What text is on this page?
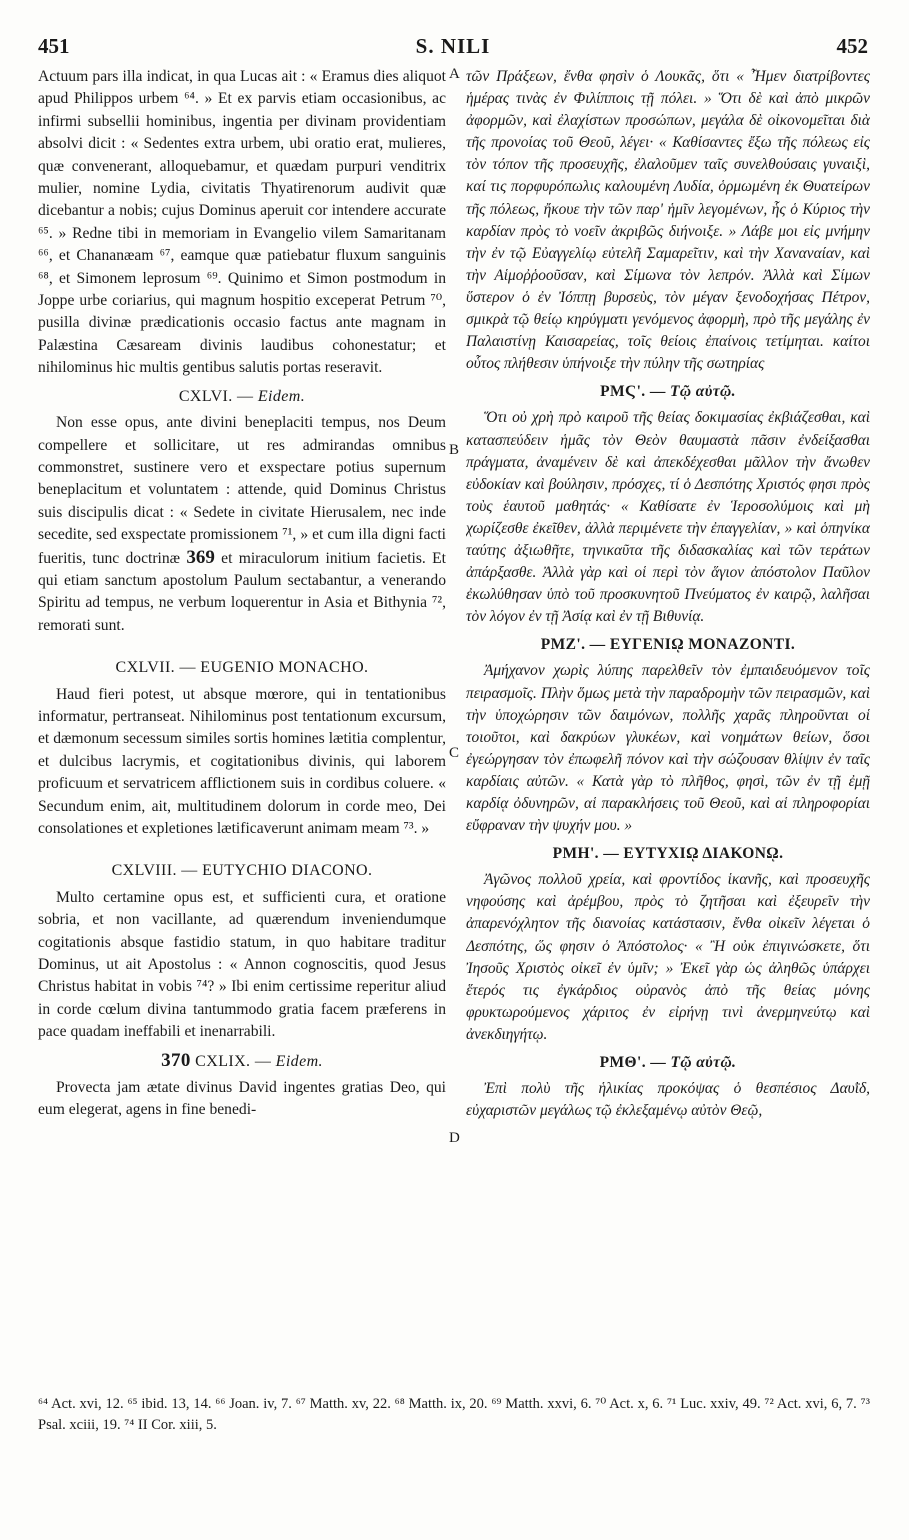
451	S. NILI	452
A
B
C
D

Actuum pars illa indicat, in qua Lucas ait : « Eramus dies aliquot apud Philippos urbem ⁶⁴. » Et ex parvis etiam occasionibus, ac infirmi subsellii hominibus, ingentia per divinam providentiam absolvi dicit : « Sedentes extra urbem, ubi oratio erat, mulieres, quæ convenerant, alloquebamur, et quædam purpuri venditrix mulier, nomine Lydia, civitatis Thyatirenorum audivit quæ dicebantur a nobis; cujus Dominus aperuit cor intendere accurate ⁶⁵. » Redne tibi in memoriam in Evangelio vilem Samaritanam ⁶⁶, et Chananæam ⁶⁷, eamque quæ patiebatur fluxum sanguinis ⁶⁸, et Simonem leprosum ⁶⁹. Quinimo et Simon postmodum in Joppe urbe coriarius, qui magnum hospitio exceperat Petrum ⁷⁰, pusilla divinæ prædicationis occasio factus ante magnam in Palæstina Cæsaream divinis laudibus cohonestatur; et nihilominus hic multis gentibus salutis portas reseravit.

CXLVI. — Eidem.

Non esse opus, ante divini beneplaciti tempus, nos Deum compellere et sollicitare, ut res admirandas omnibus commonstret, sustinere vero et exspectare potius supernum beneplacitum et voluntatem : attende, quid Dominus Christus suis discipulis dicat : « Sedete in civitate Hierusalem, nec inde secedite, sed exspectate promissionem ⁷¹, » et cum illa digni facti fueritis, tunc doctrinæ 369 et miraculorum initium facietis. Et qui etiam sanctum apostolum Paulum sectabantur, a venerando Spiritu ad tempus, ne verbum loquerentur in Asia et Bithynia ⁷², remorati sunt.

CXLVII. — EUGENIO MONACHO.

Haud fieri potest, ut absque mœrore, qui in tentationibus informatur, pertranseat. Nihilominus post tentationum excursum, et dæmonum secessum similes sortis homines lætitia complentur, et dulcibus lacrymis, et cogitationibus divinis, qui laborem proficuum et servatricem afflictionem suis in cordibus coluere. « Secundum enim, ait, multitudinem dolorum in corde meo, Dei consolationes et expletiones lætificaverunt animam meam ⁷³. »

CXLVIII. — EUTYCHIO DIACONO.

Multo certamine opus est, et sufficienti cura, et oratione sobria, et non vacillante, ad quærendum inveniendumque cogitationis absque fastidio statum, in quo habitare traditur Dominus, ut ait Apostolus : « Annon cognoscitis, quod Jesus Christus habitat in vobis ⁷⁴? » Ibi enim certissime reperitur aliud in corde cœlum divina tantummodo gratia facem præferens in pace quadam ineffabili et inenarrabili.

370 CXLIX. — Eidem.

Provecta jam ætate divinus David ingentes gratias Deo, qui eum elegerat, agens in fine benedi-

τῶν Πράξεων, ἔνθα φησὶν ὁ Λουκᾶς, ὅτι « Ἦμεν διατρίβοντες ἡμέρας τινὰς ἐν Φιλίπποις τῇ πόλει. » Ὅτι δὲ καὶ ἀπὸ μικρῶν ἀφορμῶν, καὶ ἐλαχίστων προσώπων, μεγάλα δὲ οἰκονομεῖται διὰ τῆς προνοίας τοῦ Θεοῦ, λέγει· « Καθίσαντες ἔξω τῆς πόλεως εἰς τὸν τόπον τῆς προσευχῆς, ἐλαλοῦμεν ταῖς συνελθούσαις γυναιξὶ, καί τις πορφυρόπωλις καλουμένη Λυδία, ὁρμωμένη ἐκ Θυατείρων τῆς πόλεως, ἤκουε τὴν τῶν παρ' ἡμῖν λεγομένων, ἧς ὁ Κύριος τὴν καρδίαν πρὸς τὸ νοεῖν ἀκριβῶς διήνοιξε. » Λάβε μοι εἰς μνήμην τὴν ἐν τῷ Εὐαγγελίῳ εὐτελῆ Σαμαρεῖτιν, καὶ τὴν Χαναναίαν, καὶ τὴν Αἱμοῤῥοοῦσαν, καὶ Σίμωνα τὸν λεπρόν. Ἀλλὰ καὶ Σίμων ὕστερον ὁ ἐν Ἰόππῃ βυρσεὺς, τὸν μέγαν ξενοδοχήσας Πέτρον, σμικρὰ τῷ θείῳ κηρύγματι γενόμενος ἀφορμὴ, πρὸ τῆς μεγάλης ἐν Παλαιστίνῃ Καισαρείας, τοῖς θείοις ἐπαίνοις τετίμηται. καίτοι οὗτος πλήθεσιν ὑπήνοιξε τὴν πύλην τῆς σωτηρίας

ΡΜϚ'. — Τῷ αὐτῷ.

Ὅτι οὐ χρὴ πρὸ καιροῦ τῆς θείας δοκιμασίας ἐκβιάζεσθαι, καὶ κατασπεύδειν ἡμᾶς τὸν Θεὸν θαυμαστὰ πᾶσιν ἐνδείξασθαι πράγματα, ἀναμένειν δὲ καὶ ἀπεκδέχεσθαι μᾶλλον τὴν ἄνωθεν εὐδοκίαν καὶ βούλησιν, πρόσχες, τί ὁ Δεσπότης Χριστός φησι πρὸς τοὺς ἑαυτοῦ μαθητάς· « Καθίσατε ἐν Ἱεροσολύμοις καὶ μὴ χωρίζεσθε ἐκεῖθεν, ἀλλὰ περιμένετε τὴν ἐπαγγελίαν, » καὶ ὁπηνίκα ταύτης ἀξιωθῆτε, τηνικαῦτα τῆς διδασκαλίας καὶ τῶν τεράτων ἀπάρξασθε. Ἀλλὰ γὰρ καὶ οἱ περὶ τὸν ἅγιον ἀπόστολον Παῦλον ἐκωλύθησαν ὑπὸ τοῦ προσκυνητοῦ Πνεύματος ἐν καιρῷ, λαλῆσαι τὸν λόγον ἐν τῇ Ἀσίᾳ καὶ ἐν τῇ Βιθυνίᾳ.

ΡΜΖ'. — ΕΥΓΕΝΙῼ ΜΟΝΑΖΟΝΤΙ.

Ἀμήχανον χωρὶς λύπης παρελθεῖν τὸν ἐμπαιδευόμενον τοῖς πειρασμοῖς. Πλὴν ὅμως μετὰ τὴν παραδρομὴν τῶν πειρασμῶν, καὶ τὴν ὑποχώρησιν τῶν δαιμόνων, πολλῆς χαρᾶς πληροῦνται οἱ τοιοῦτοι, καὶ δακρύων γλυκέων, καὶ νοημάτων θείων, ὅσοι ἐγεώργησαν τὸν ἐπωφελῆ πόνον καὶ τὴν σώζουσαν θλίψιν ἐν ταῖς καρδίαις αὐτῶν. « Κατὰ γὰρ τὸ πλῆθος, φησὶ, τῶν ἐν τῇ ἐμῇ καρδίᾳ ὀδυνηρῶν, αἱ παρακλήσεις τοῦ Θεοῦ, καὶ αἱ πληροφορίαι εὔφραναν τὴν ψυχήν μου. »

ΡΜΗ'. — ΕΥΤΥΧΙῼ ΔΙΑΚΟΝῼ.

Ἀγῶνος πολλοῦ χρεία, καὶ φροντίδος ἱκανῆς, καὶ προσευχῆς νηφούσης καὶ ἀρέμβου, πρὸς τὸ ζητῆσαι καὶ ἐξευρεῖν τὴν ἀπαρενόχλητον τῆς διανοίας κατάστασιν, ἔνθα οἰκεῖν λέγεται ὁ Δεσπότης, ὥς φησιν ὁ Ἀπόστολος· « Ἢ οὐκ ἐπιγινώσκετε, ὅτι Ἰησοῦς Χριστὸς οἰκεῖ ἐν ὑμῖν; » Ἐκεῖ γὰρ ὡς ἀληθῶς ὑπάρχει ἕτερός τις ἐγκάρδιος οὐρανὸς ἀπὸ τῆς θείας μόνης φρυκτωρούμενος χάριτος ἐν εἰρήνῃ τινὶ ἀνερμηνεύτῳ καὶ ἀνεκδιηγήτῳ.

ΡΜΘ'. — Τῷ αὐτῷ.

Ἐπὶ πολὺ τῆς ἡλικίας προκόψας ὁ θεσπέσιος Δαυῒδ, εὐχαριστῶν μεγάλως τῷ ἐκλεξαμένῳ αὐτὸν Θεῷ,

⁶⁴ Act. xvi, 12. ⁶⁵ ibid. 13, 14. ⁶⁶ Joan. iv, 7. ⁶⁷ Matth. xv, 22. ⁶⁸ Matth. ix, 20. ⁶⁹ Matth. xxvi, 6. ⁷⁰ Act. x, 6. ⁷¹ Luc. xxiv, 49. ⁷² Act. xvi, 6, 7. ⁷³ Psal. xciii, 19. ⁷⁴ II Cor. xiii, 5.
